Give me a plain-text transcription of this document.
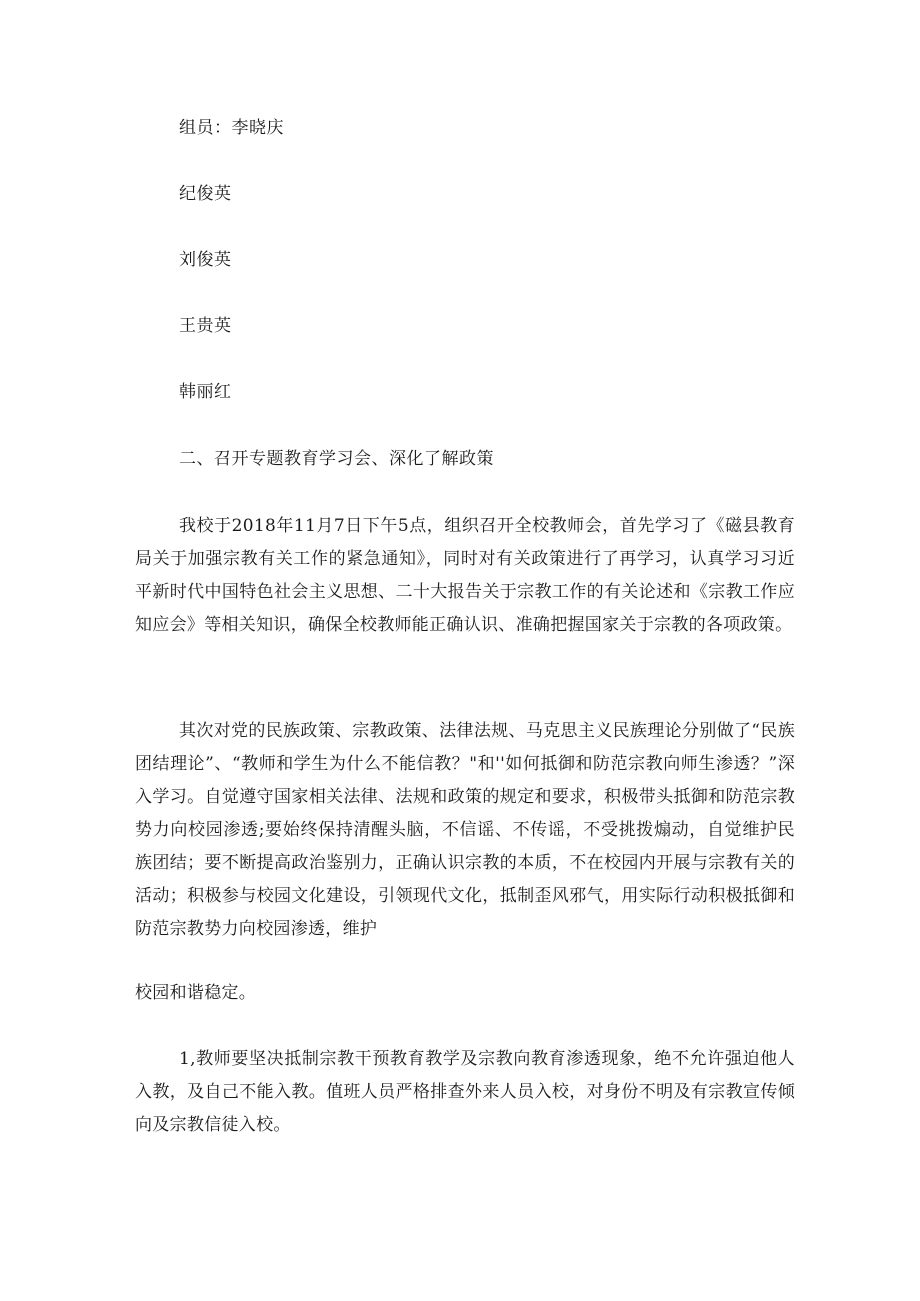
组员：李晓庆
纪俊英
刘俊英
王贵英
韩丽红
二、召开专题教育学习会、深化了解政策
我校于2018年11月7日下午5点，组织召开全校教师会，首先学习了《磁县教育局关于加强宗教有关工作的紧急通知》，同时对有关政策进行了再学习，认真学习习近平新时代中国特色社会主义思想、二十大报告关于宗教工作的有关论述和《宗教工作应知应会》等相关知识，确保全校教师能正确认识、准确把握国家关于宗教的各项政策。
其次对党的民族政策、宗教政策、法律法规、马克思主义民族理论分别做了“民族团结理论”、“教师和学生为什么不能信教？"和''如何抵御和防范宗教向师生渗透？”深入学习。自觉遵守国家相关法律、法规和政策的规定和要求，积极带头抵御和防范宗教势力向校园渗透;要始终保持清醒头脑，不信谣、不传谣，不受挑拨煽动，自觉维护民族团结；要不断提高政治鉴别力，正确认识宗教的本质，不在校园内开展与宗教有关的活动；积极参与校园文化建设，引领现代文化，抵制歪风邪气，用实际行动积极抵御和防范宗教势力向校园渗透，维护
校园和谐稳定。
1,教师要坚决抵制宗教干预教育教学及宗教向教育渗透现象，绝不允许强迫他人入教，及自己不能入教。值班人员严格排查外来人员入校，对身份不明及有宗教宣传倾向及宗教信徒入校。
